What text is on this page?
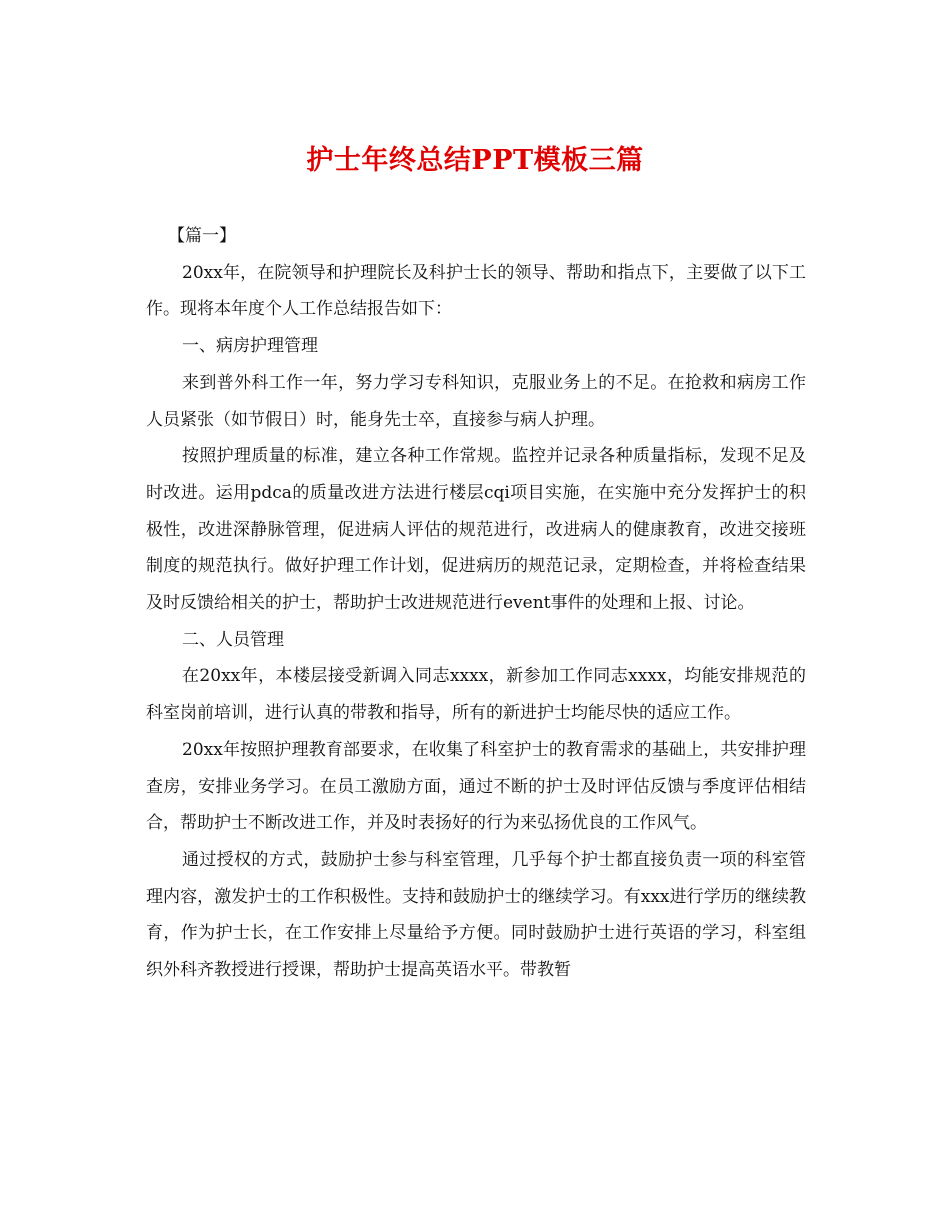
护士年终总结PPT模板三篇

【篇一】

20xx年，在院领导和护理院长及科护士长的领导、帮助和指点下，主要做了以下工作。现将本年度个人工作总结报告如下：

一、病房护理管理

来到普外科工作一年，努力学习专科知识，克服业务上的不足。在抢救和病房工作人员紧张（如节假日）时，能身先士卒，直接参与病人护理。

按照护理质量的标准，建立各种工作常规。监控并记录各种质量指标，发现不足及时改进。运用pdca的质量改进方法进行楼层cqi项目实施，在实施中充分发挥护士的积极性，改进深静脉管理，促进病人评估的规范进行，改进病人的健康教育，改进交接班制度的规范执行。做好护理工作计划，促进病历的规范记录，定期检查，并将检查结果及时反馈给相关的护士，帮助护士改进规范进行event事件的处理和上报、讨论。

二、人员管理

在20xx年，本楼层接受新调入同志xxxx，新参加工作同志xxxx，均能安排规范的科室岗前培训，进行认真的带教和指导，所有的新进护士均能尽快的适应工作。

20xx年按照护理教育部要求，在收集了科室护士的教育需求的基础上，共安排护理查房，安排业务学习。在员工激励方面，通过不断的护士及时评估反馈与季度评估相结合，帮助护士不断改进工作，并及时表扬好的行为来弘扬优良的工作风气。

通过授权的方式，鼓励护士参与科室管理，几乎每个护士都直接负责一项的科室管理内容，激发护士的工作积极性。支持和鼓励护士的继续学习。有xxx进行学历的继续教育，作为护士长，在工作安排上尽量给予方便。同时鼓励护士进行英语的学习，科室组织外科齐教授进行授课，帮助护士提高英语水平。带教暂
